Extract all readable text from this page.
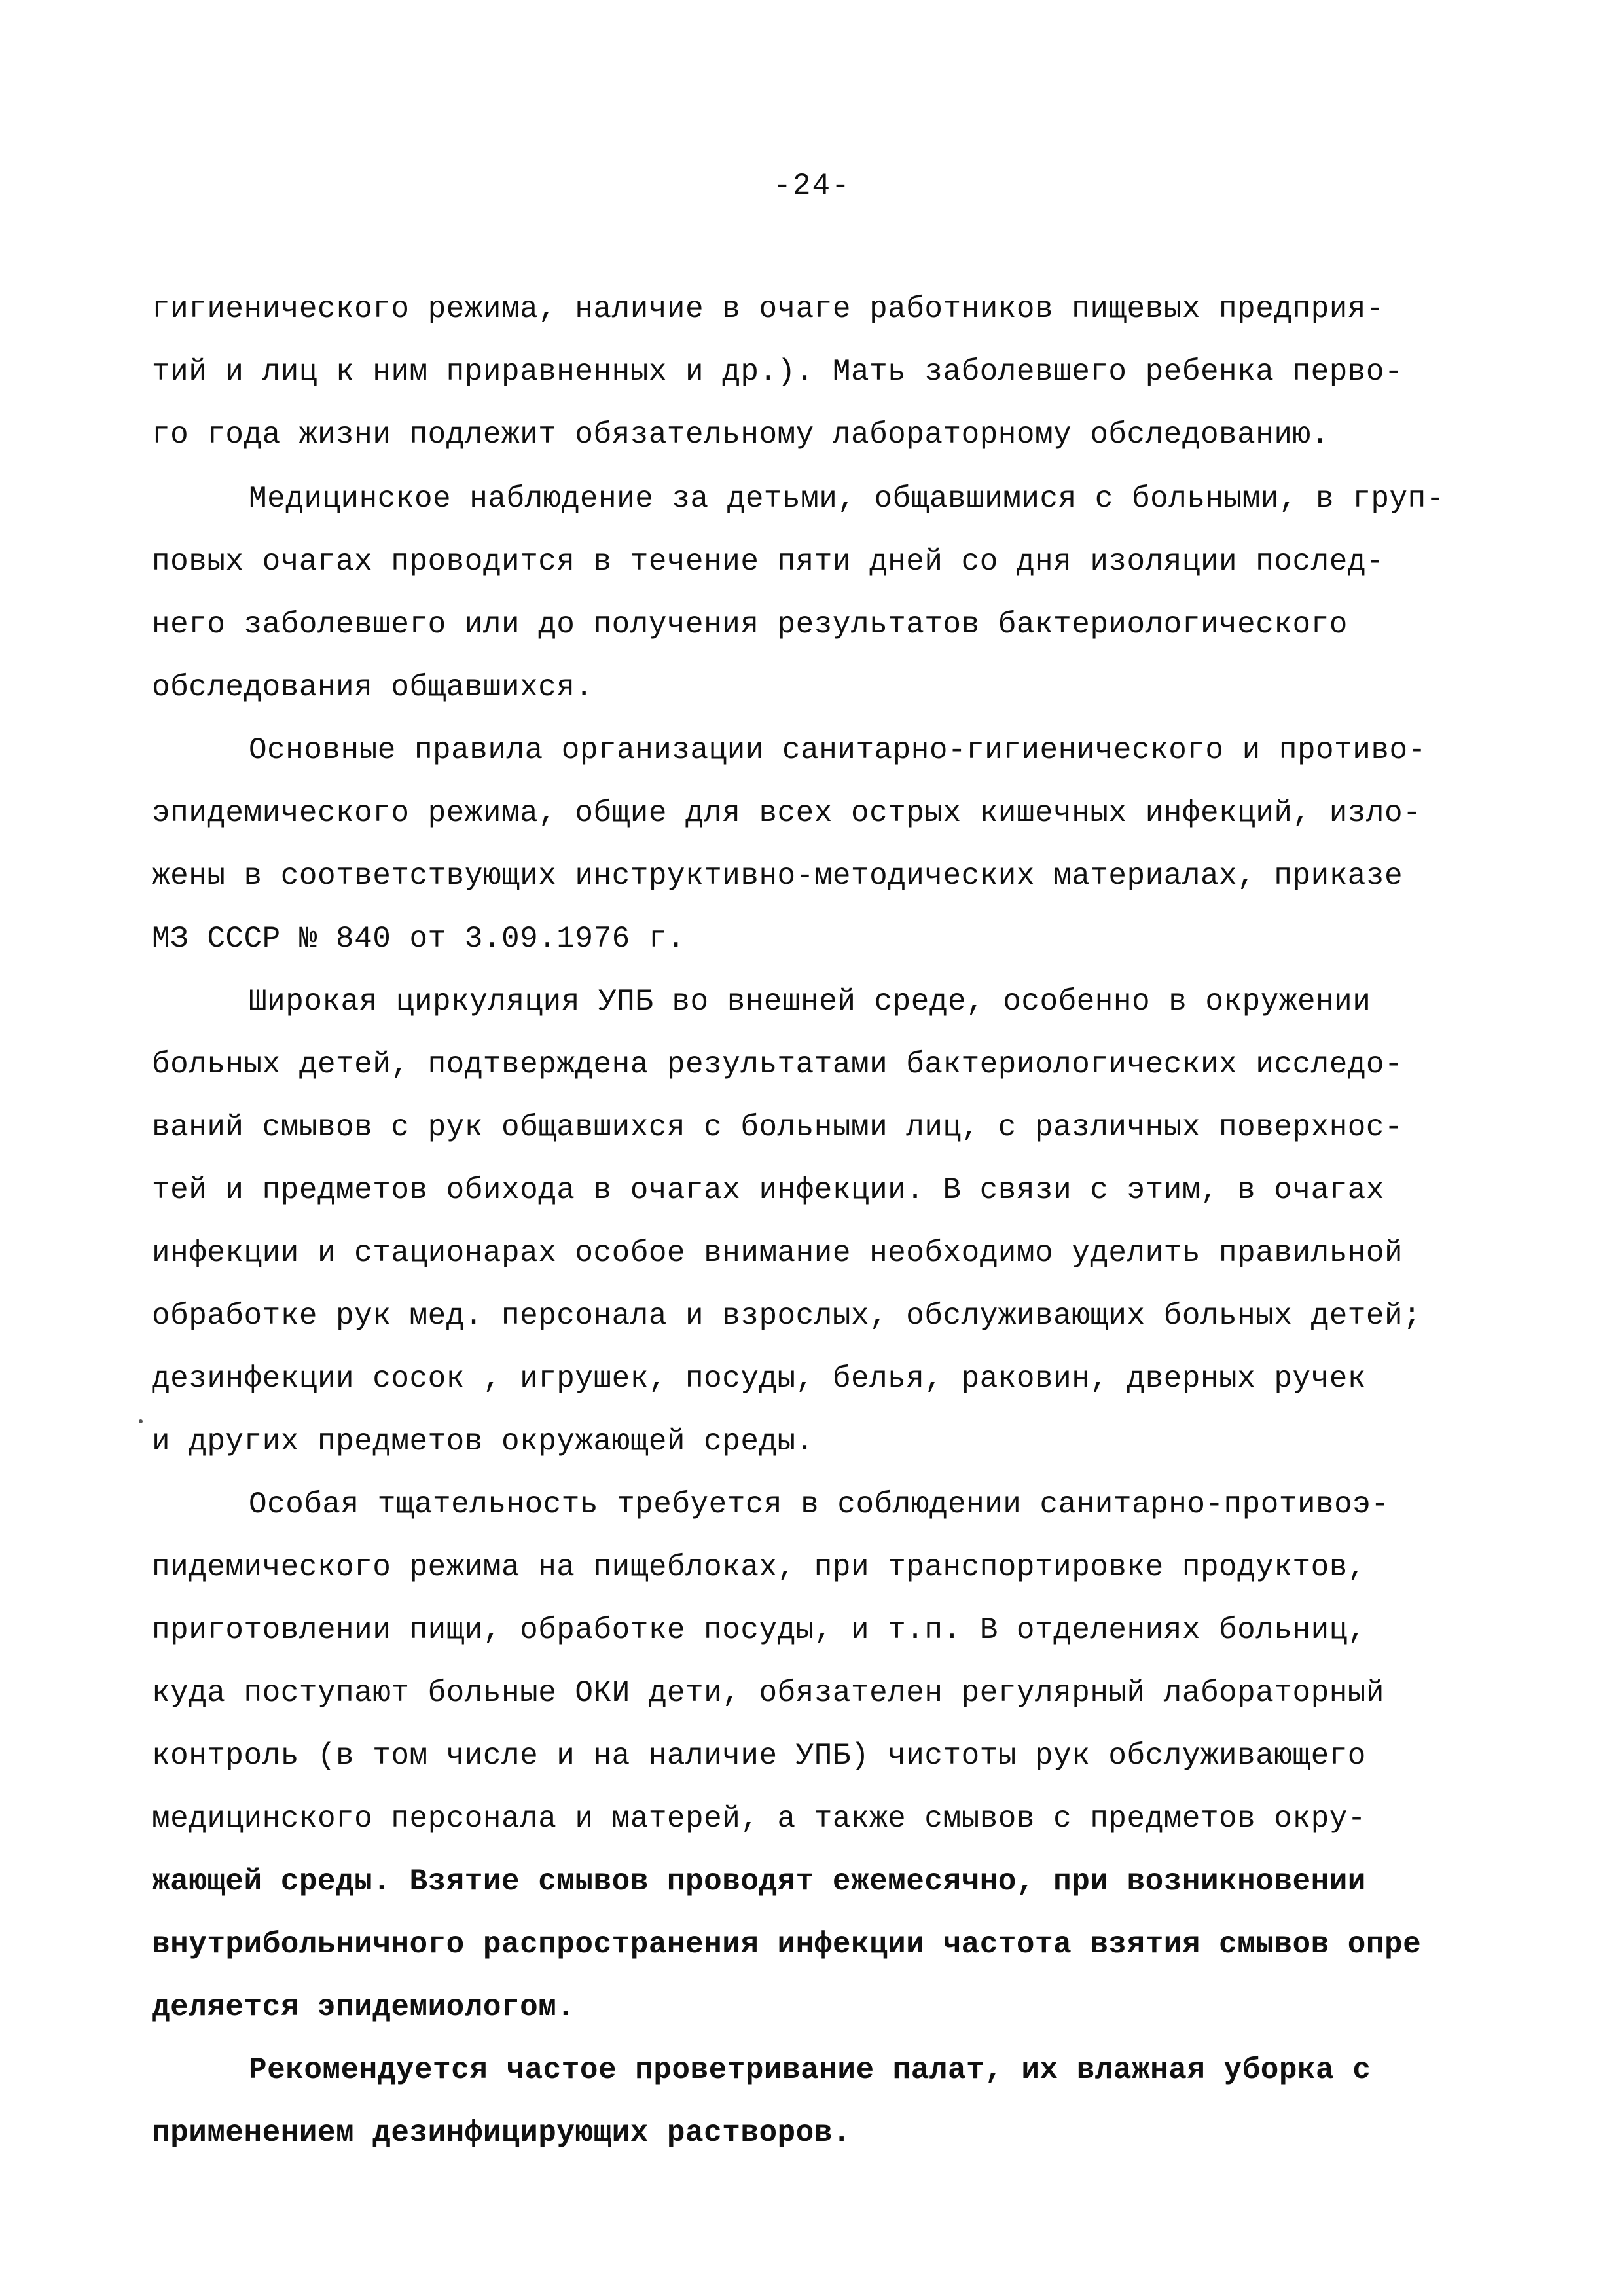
-24-
гигиенического режима, наличие в очаге работников пищевых предприя-
тий и лиц к ним приравненных и др.). Мать заболевшего ребенка перво-
го года жизни подлежит обязательному лабораторному обследованию.
Медицинское наблюдение за детьми, общавшимися с больными, в груп-
повых очагах проводится в течение пяти дней со дня изоляции послед-
него заболевшего или до получения результатов бактериологического
обследования общавшихся.
Основные правила организации санитарно-гигиенического и противо-
эпидемического режима, общие для всех острых кишечных инфекций, изло-
жены в соответствующих инструктивно-методических материалах, приказе
МЗ СССР № 840 от 3.09.1976 г.
Широкая циркуляция УПБ во внешней среде, особенно в окружении
больных детей, подтверждена результатами бактериологических исследо-
ваний смывов с рук общавшихся с больными лиц, с различных поверхнос-
тей и предметов обихода в очагах инфекции. В связи с этим, в очагах
инфекции и стационарах особое внимание необходимо уделить правильной
обработке рук мед. персонала и взрослых, обслуживающих больных детей;
дезинфекции сосок , игрушек, посуды, белья, раковин, дверных ручек
и других предметов окружающей среды.
Особая тщательность требуется в соблюдении санитарно-противоэ-
пидемического режима на пищеблоках, при транспортировке продуктов,
приготовлении пищи, обработке посуды, и т.п. В отделениях больниц,
куда поступают больные ОКИ дети, обязателен регулярный лабораторный
контроль (в том числе и на наличие УПБ) чистоты рук обслуживающего
медицинского персонала и матерей, а также смывов с предметов окру-
жающей среды. Взятие смывов проводят ежемесячно, при возникновении
внутрибольничного распространения инфекции частота взятия смывов опре
деляется эпидемиологом.
Рекомендуется частое проветривание палат, их влажная уборка с
применением дезинфицирующих растворов.
